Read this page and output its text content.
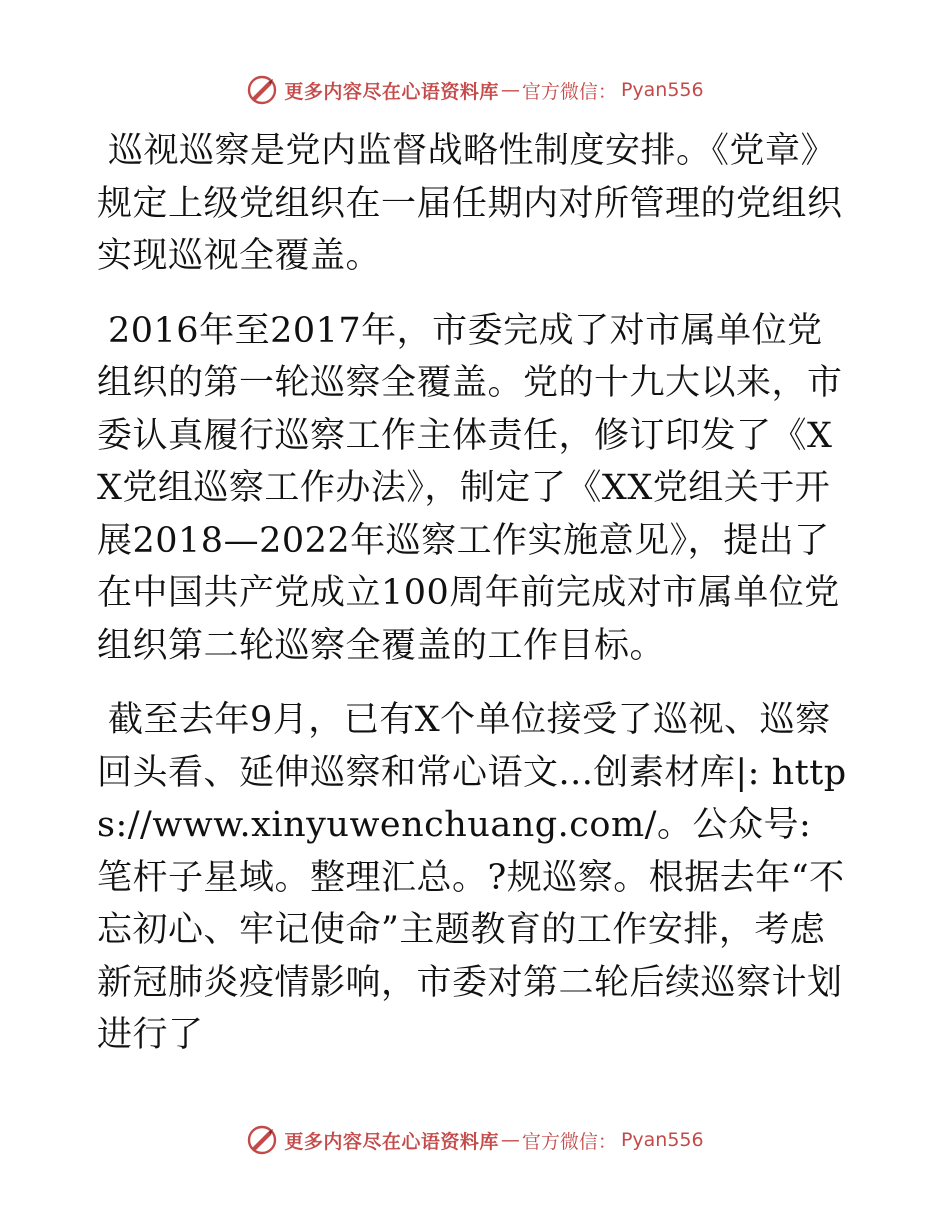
更多内容尽在心语资料库 — 官方微信： Pyan556

巡视巡察是党内监督战略性制度安排。《党章》规定上级党组织在一届任期内对所管理的党组织实现巡视全覆盖。

2016年至2017年，市委完成了对市属单位党组织的第一轮巡察全覆盖。党的十九大以来，市委认真履行巡察工作主体责任，修订印发了《XX党组巡察工作办法》，制定了《XX党组关于开展2018—2022年巡察工作实施意见》，提出了在中国共产党成立100周年前完成对市属单位党组织第二轮巡察全覆盖的工作目标。

截至去年9月，已有X个单位接受了巡视、巡察回头看、延伸巡察和常心语文...创素材库|: https://www.xinyuwenchuang.com/。公众号: 笔杆子星域。整理汇总。?规巡察。根据去年“不忘初心、牢记使命”主题教育的工作安排，考虑新冠肺炎疫情影响，市委对第二轮后续巡察计划进行了

更多内容尽在心语资料库 — 官方微信： Pyan556
